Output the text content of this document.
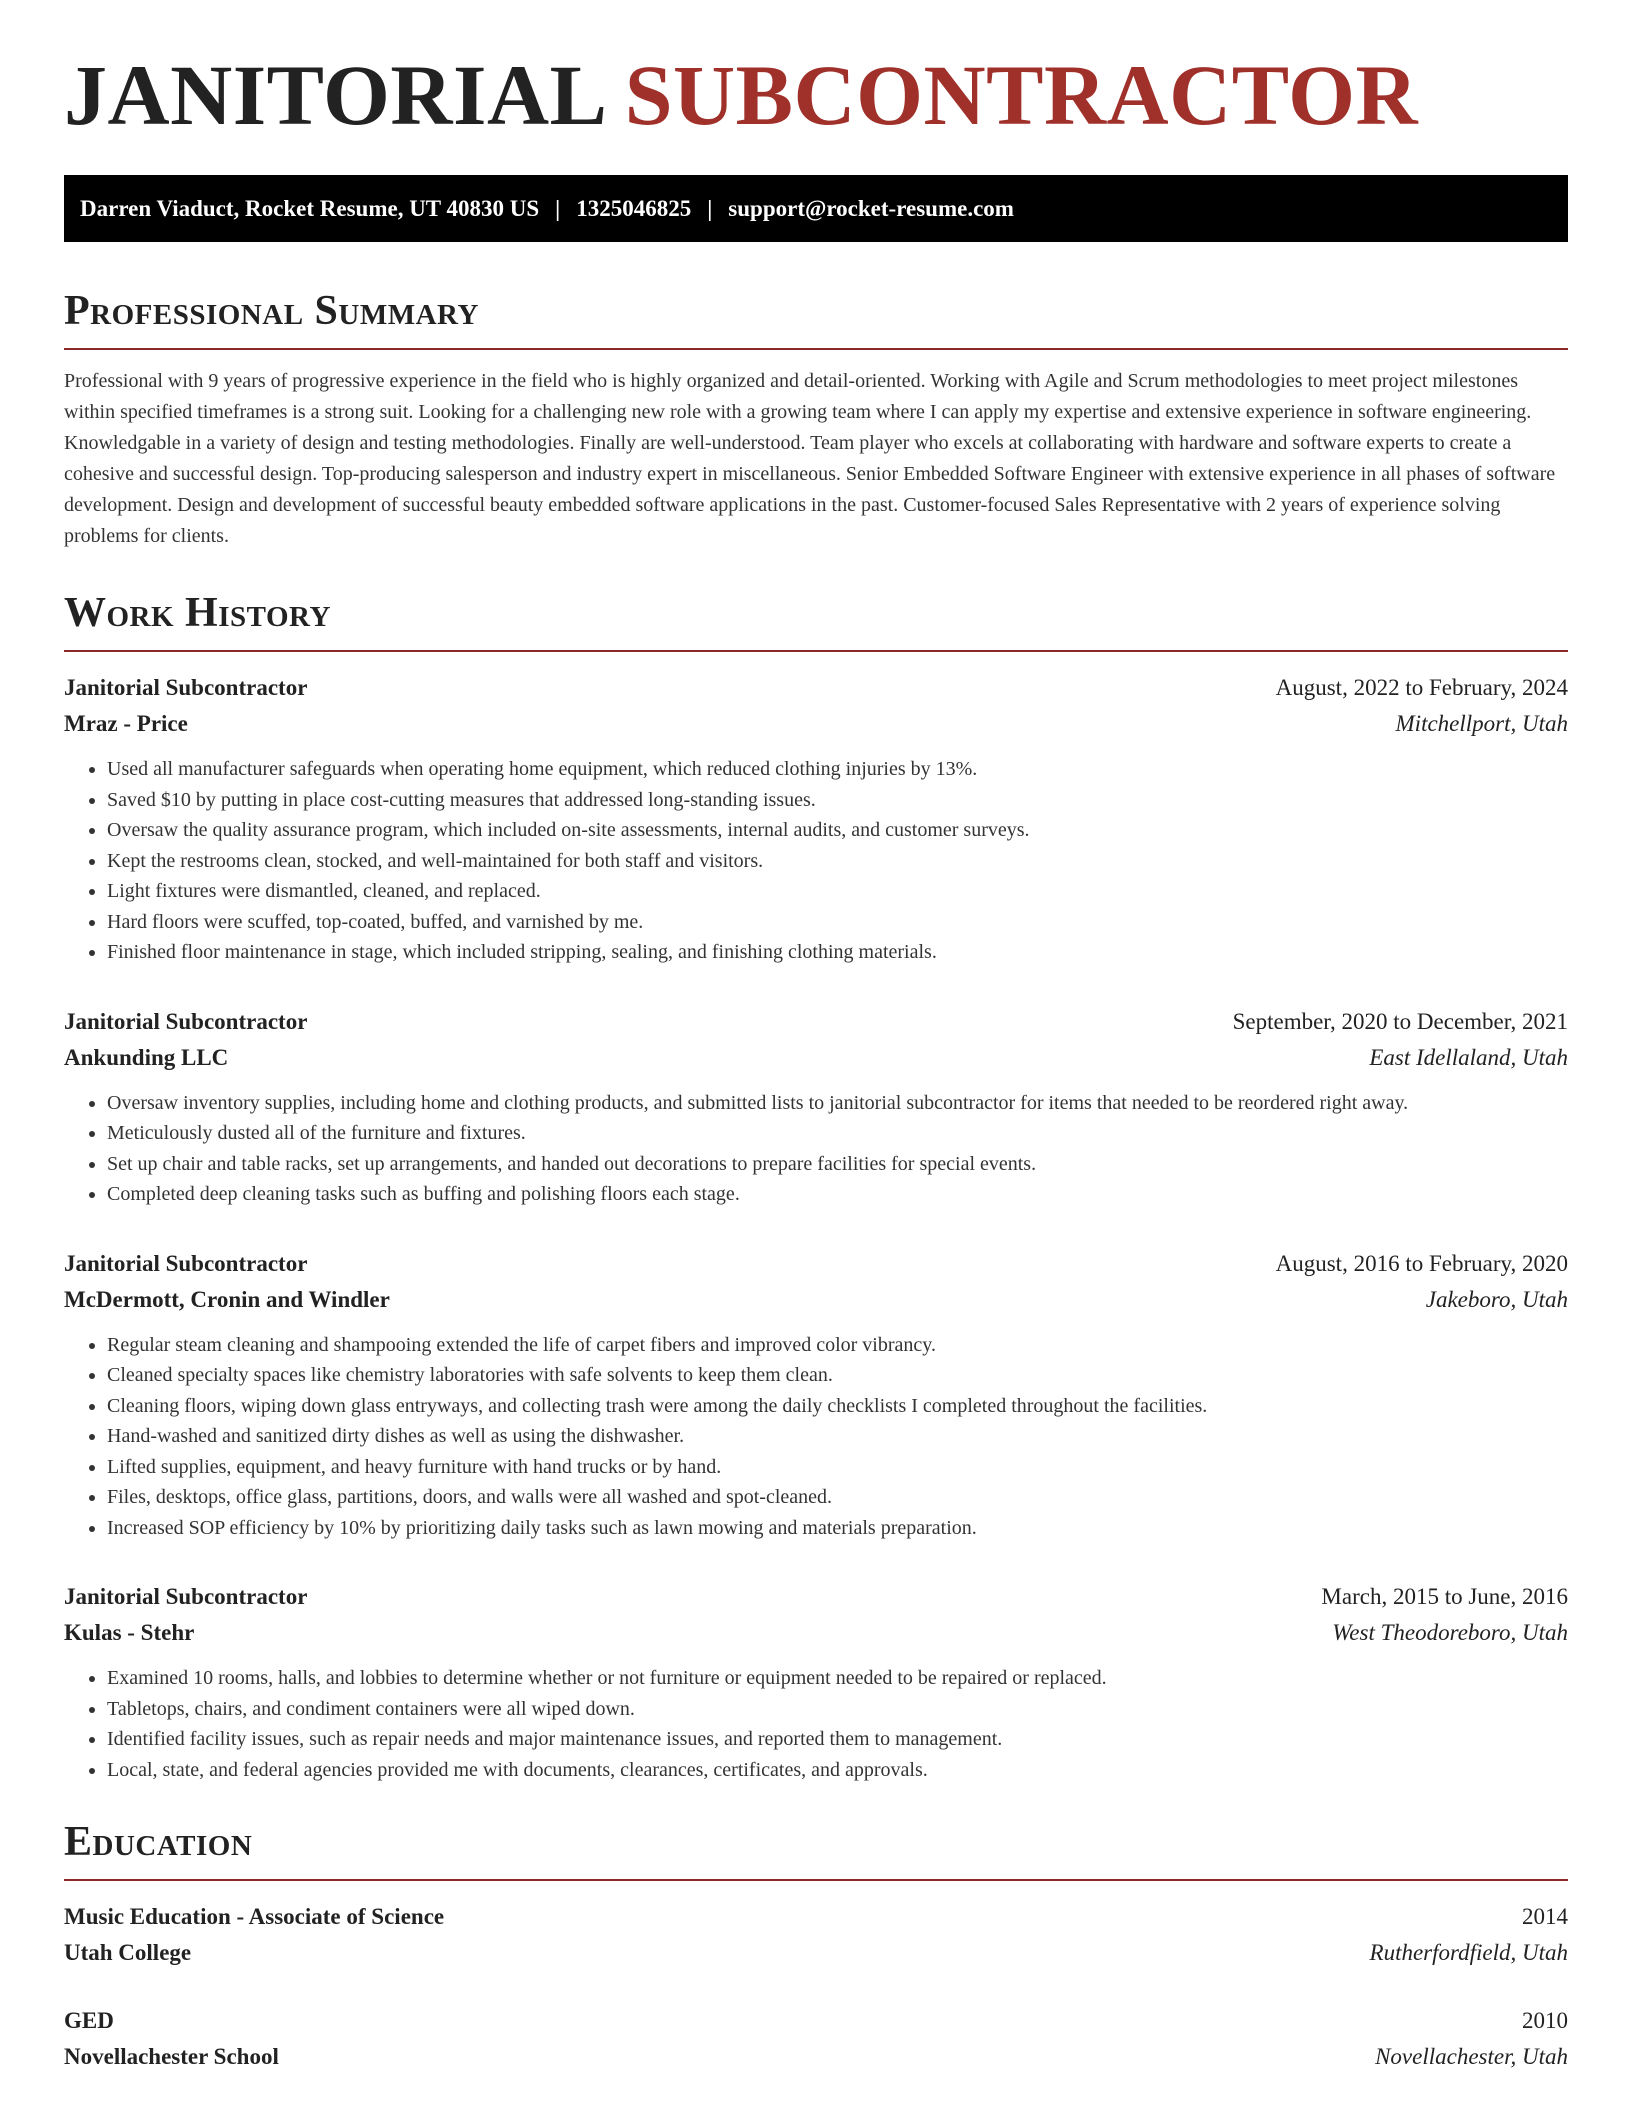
JANITORIAL SUBCONTRACTOR
Darren Viaduct, Rocket Resume, UT 40830 US | 1325046825 | support@rocket-resume.com
Professional Summary

Professional with 9 years of progressive experience in the field who is highly organized and detail-oriented. Working with Agile and Scrum methodologies to meet project milestones within specified timeframes is a strong suit. Looking for a challenging new role with a growing team where I can apply my expertise and extensive experience in software engineering. Knowledgable in a variety of design and testing methodologies. Finally are well-understood. Team player who excels at collaborating with hardware and software experts to create a cohesive and successful design. Top-producing salesperson and industry expert in miscellaneous. Senior Embedded Software Engineer with extensive experience in all phases of software development. Design and development of successful beauty embedded software applications in the past. Customer-focused Sales Representative with 2 years of experience solving problems for clients.

Work History
Janitorial Subcontractor	August, 2022 to February, 2024
Mraz - Price	Mitchellport, Utah
• Used all manufacturer safeguards when operating home equipment, which reduced clothing injuries by 13%.
• Saved $10 by putting in place cost-cutting measures that addressed long-standing issues.
• Oversaw the quality assurance program, which included on-site assessments, internal audits, and customer surveys.
• Kept the restrooms clean, stocked, and well-maintained for both staff and visitors.
• Light fixtures were dismantled, cleaned, and replaced.
• Hard floors were scuffed, top-coated, buffed, and varnished by me.
• Finished floor maintenance in stage, which included stripping, sealing, and finishing clothing materials.
Janitorial Subcontractor	September, 2020 to December, 2021
Ankunding LLC	East Idellaland, Utah
• Oversaw inventory supplies, including home and clothing products, and submitted lists to janitorial subcontractor for items that needed to be reordered right away.
• Meticulously dusted all of the furniture and fixtures.
• Set up chair and table racks, set up arrangements, and handed out decorations to prepare facilities for special events.
• Completed deep cleaning tasks such as buffing and polishing floors each stage.
Janitorial Subcontractor	August, 2016 to February, 2020
McDermott, Cronin and Windler	Jakeboro, Utah
• Regular steam cleaning and shampooing extended the life of carpet fibers and improved color vibrancy.
• Cleaned specialty spaces like chemistry laboratories with safe solvents to keep them clean.
• Cleaning floors, wiping down glass entryways, and collecting trash were among the daily checklists I completed throughout the facilities.
• Hand-washed and sanitized dirty dishes as well as using the dishwasher.
• Lifted supplies, equipment, and heavy furniture with hand trucks or by hand.
• Files, desktops, office glass, partitions, doors, and walls were all washed and spot-cleaned.
• Increased SOP efficiency by 10% by prioritizing daily tasks such as lawn mowing and materials preparation.
Janitorial Subcontractor	March, 2015 to June, 2016
Kulas - Stehr	West Theodoreboro, Utah
• Examined 10 rooms, halls, and lobbies to determine whether or not furniture or equipment needed to be repaired or replaced.
• Tabletops, chairs, and condiment containers were all wiped down.
• Identified facility issues, such as repair needs and major maintenance issues, and reported them to management.
• Local, state, and federal agencies provided me with documents, clearances, certificates, and approvals.
Education
Music Education - Associate of Science	2014
Utah College	Rutherfordfield, Utah
GED	2010
Novellachester School	Novellachester, Utah
